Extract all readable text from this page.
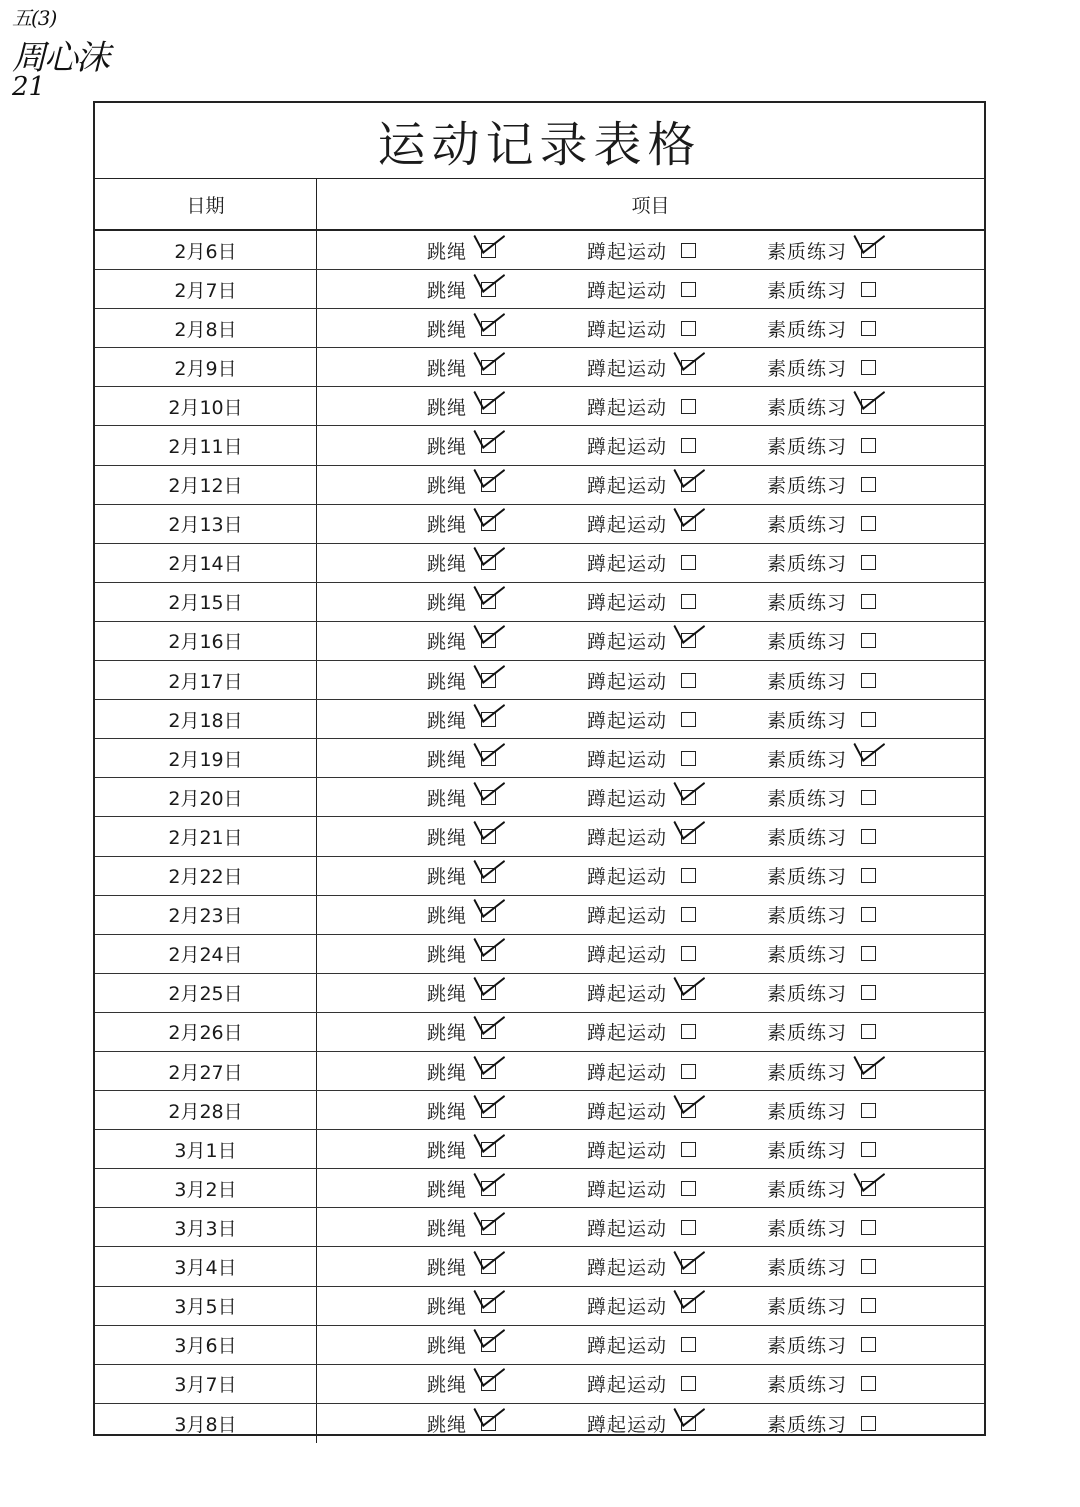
五(3)
周心沫
21
运动记录表格
日期	项目
2月6日	跳绳	蹲起运动	素质练习
2月7日	跳绳	蹲起运动	素质练习
2月8日	跳绳	蹲起运动	素质练习
2月9日	跳绳	蹲起运动	素质练习
2月10日	跳绳	蹲起运动	素质练习
2月11日	跳绳	蹲起运动	素质练习
2月12日	跳绳	蹲起运动	素质练习
2月13日	跳绳	蹲起运动	素质练习
2月14日	跳绳	蹲起运动	素质练习
2月15日	跳绳	蹲起运动	素质练习
2月16日	跳绳	蹲起运动	素质练习
2月17日	跳绳	蹲起运动	素质练习
2月18日	跳绳	蹲起运动	素质练习
2月19日	跳绳	蹲起运动	素质练习
2月20日	跳绳	蹲起运动	素质练习
2月21日	跳绳	蹲起运动	素质练习
2月22日	跳绳	蹲起运动	素质练习
2月23日	跳绳	蹲起运动	素质练习
2月24日	跳绳	蹲起运动	素质练习
2月25日	跳绳	蹲起运动	素质练习
2月26日	跳绳	蹲起运动	素质练习
2月27日	跳绳	蹲起运动	素质练习
2月28日	跳绳	蹲起运动	素质练习
3月1日	跳绳	蹲起运动	素质练习
3月2日	跳绳	蹲起运动	素质练习
3月3日	跳绳	蹲起运动	素质练习
3月4日	跳绳	蹲起运动	素质练习
3月5日	跳绳	蹲起运动	素质练习
3月6日	跳绳	蹲起运动	素质练习
3月7日	跳绳	蹲起运动	素质练习
3月8日	跳绳	蹲起运动	素质练习
